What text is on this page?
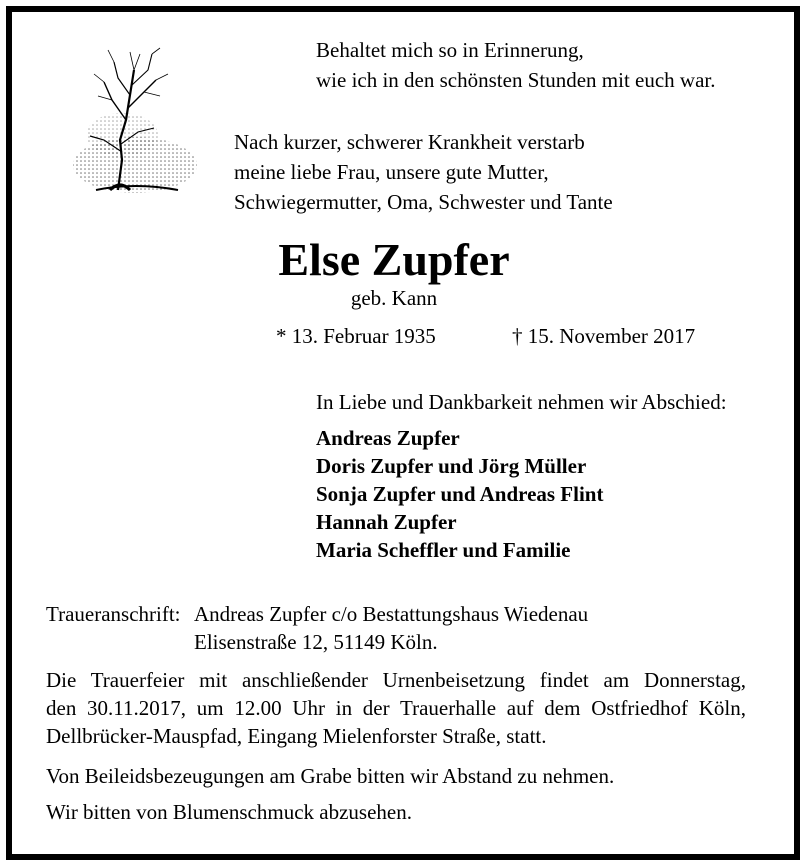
Behaltet mich so in Erinnerung,
wie ich in den schönsten Stunden mit euch war.
Nach kurzer, schwerer Krankheit verstarb
meine liebe Frau, unsere gute Mutter,
Schwiegermutter, Oma, Schwester und Tante
Else Zupfer
geb. Kann
* 13. Februar 1935	† 15. November 2017
In Liebe und Dankbarkeit nehmen wir Abschied:
Andreas Zupfer
Doris Zupfer und Jörg Müller
Sonja Zupfer und Andreas Flint
Hannah Zupfer
Maria Scheffler und Familie
Traueranschrift: Andreas Zupfer c/o Bestattungshaus Wiedenau
Elisenstraße 12, 51149 Köln.
Die Trauerfeier mit anschließender Urnenbeisetzung findet am Donnerstag,
den 30.11.2017, um 12.00 Uhr in der Trauerhalle auf dem Ostfriedhof Köln,
Dellbrücker-Mauspfad, Eingang Mielenforster Straße, statt.
Von Beileidsbezeugungen am Grabe bitten wir Abstand zu nehmen.
Wir bitten von Blumenschmuck abzusehen.
